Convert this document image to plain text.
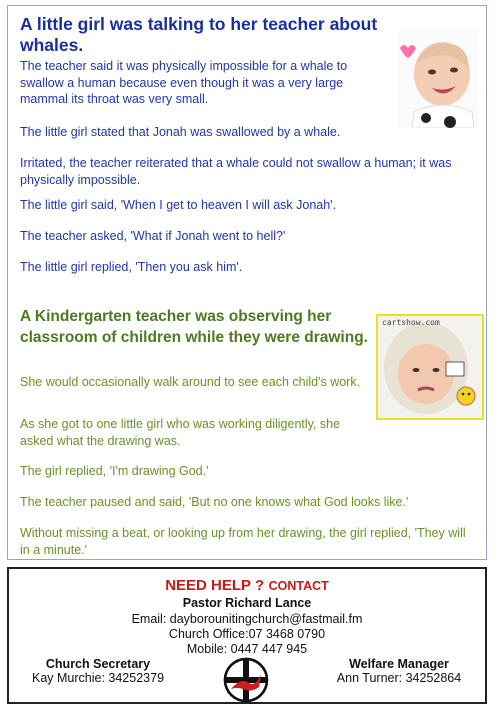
A little girl was talking to her teacher about whales.

The teacher said it was physically impossible for a whale to swallow a human because even though it was a very large mammal its throat was very small.

The little girl stated that Jonah was swallowed by a whale.

Irritated, the teacher reiterated that a whale could not swallow a human; it was physically impossible.

The little girl said, 'When I get to heaven I will ask Jonah'.

The teacher asked, 'What if Jonah went to hell?'

The little girl replied, 'Then you ask him'.

A Kindergarten teacher was observing her classroom of children while they were drawing.
cartshow.com

She would occasionally walk around to see each child's work.

As she got to one little girl who was working diligently, she asked what the drawing was.

The girl replied, 'I'm drawing God.'

The teacher paused and said, 'But no one knows what God looks like.'

Without missing a beat, or looking up from her drawing, the girl replied, 'They will in a minute.'

NEED HELP ? CONTACT
Pastor Richard Lance
Email: dayborounitingchurch@fastmail.fm
Church Office:07 3468 0790
Mobile: 0447 447 945
Church Secretary
Kay Murchie: 34252379
Welfare Manager
Ann Turner: 34252864
